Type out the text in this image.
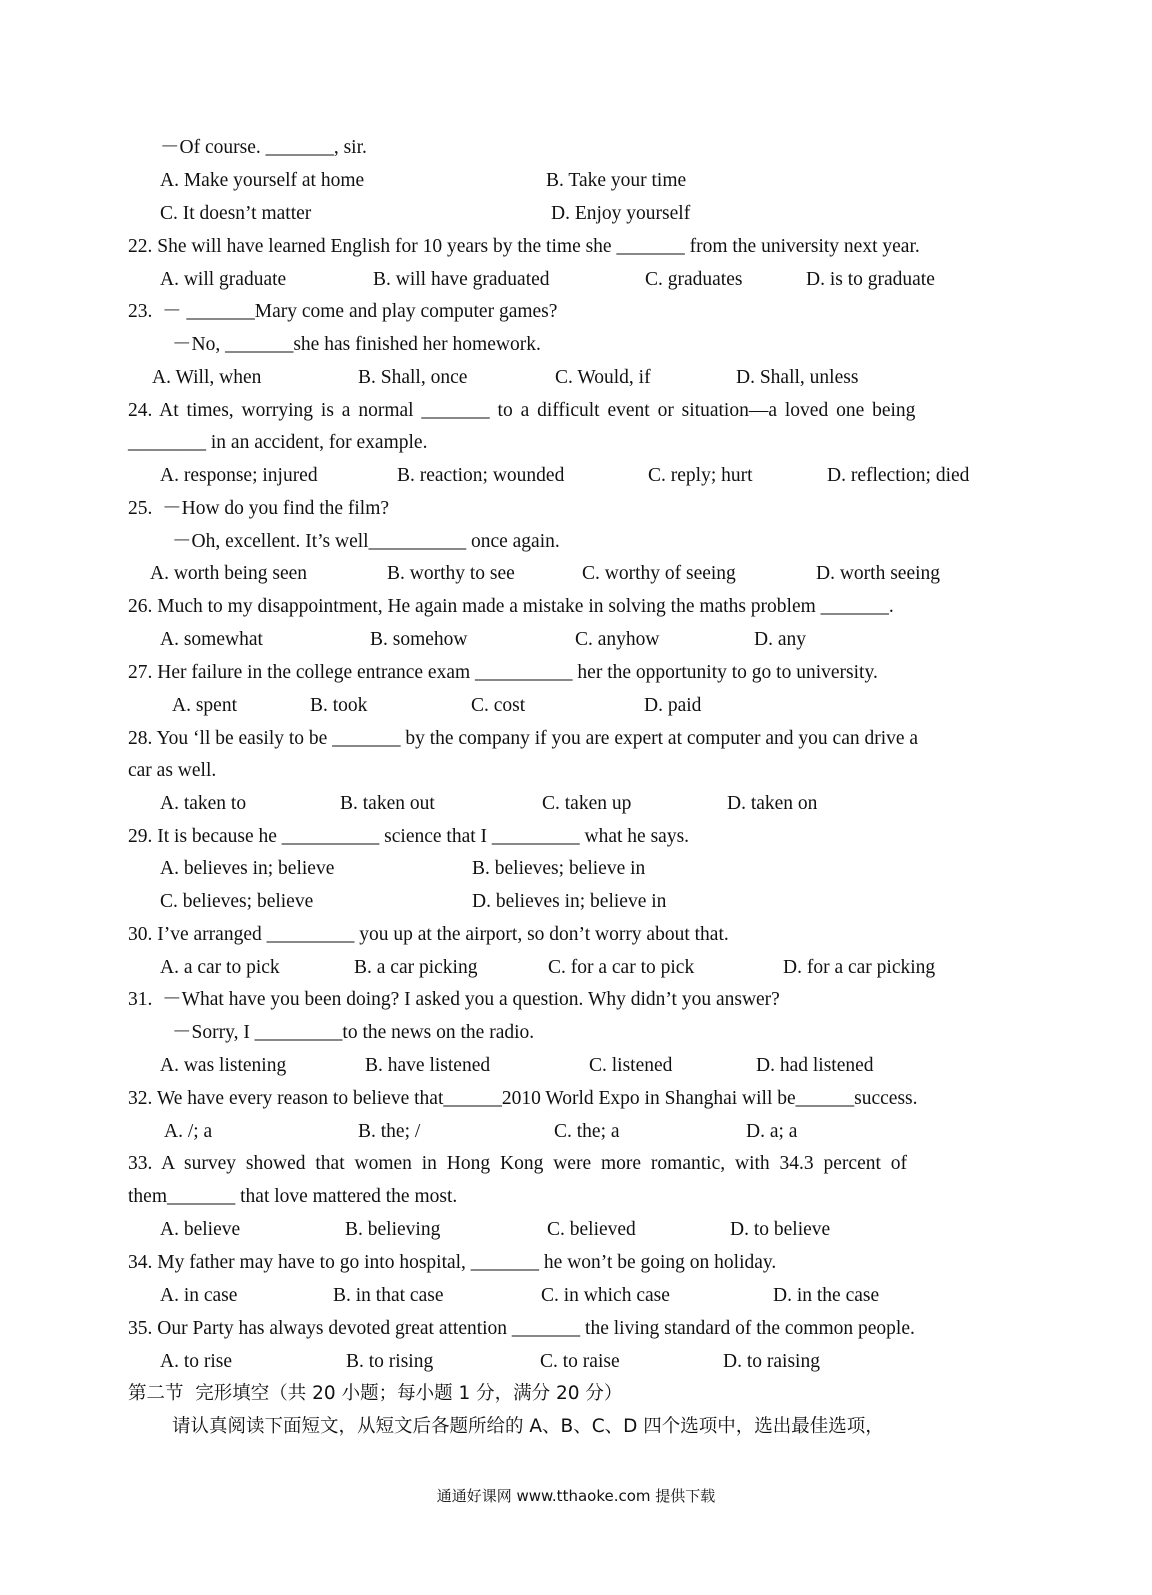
－Of course. _______, sir.
A. Make yourself at home	B. Take your time
C. It doesn’t matter	D. Enjoy yourself
22. She will have learned English for 10 years by the time she _______ from the university next year.
A. will graduate	B. will have graduated	C. graduates	D. is to graduate
23.  － _______Mary come and play computer games?
－No, _______she has finished her homework.
A. Will, when	B. Shall, once	C. Would, if	D. Shall, unless
24. At times, worrying is a normal _______ to a difficult event or situation—a loved one being
________ in an accident, for example.
A. response; injured	B. reaction; wounded	C. reply; hurt	D. reflection; died
25.  －How do you find the film?
－Oh, excellent. It’s well__________ once again.
A. worth being seen	B. worthy to see	C. worthy of seeing	D. worth seeing
26. Much to my disappointment, He again made a mistake in solving the maths problem _______.
A. somewhat	B. somehow	C. anyhow	D. any
27. Her failure in the college entrance exam __________ her the opportunity to go to university.
A. spent	B. took	C. cost	D. paid
28. You ‘ll be easily to be _______ by the company if you are expert at computer and you can drive a
car as well.
A. taken to	B. taken out	C. taken up	D. taken on
29. It is because he __________ science that I _________ what he says.
A. believes in; believe	B. believes; believe in
C. believes; believe	D. believes in; believe in
30. I’ve arranged _________ you up at the airport, so don’t worry about that.
A. a car to pick	B. a car picking	C. for a car to pick	D. for a car picking
31.  －What have you been doing? I asked you a question. Why didn’t you answer?
－Sorry, I _________to the news on the radio.
A. was listening	B. have listened	C. listened	D. had listened
32. We have every reason to believe that______2010 World Expo in Shanghai will be______success.
A. /; a	B. the; /	C. the; a	D. a; a
33. A survey showed that women in Hong Kong were more romantic, with 34.3 percent of
them_______ that love mattered the most.
A. believe	B. believing	C. believed	D. to believe
34. My father may have to go into hospital, _______ he won’t be going on holiday.
A. in case	B. in that case	C. in which case	D. in the case
35. Our Party has always devoted great attention _______ the living standard of the common people.
A. to rise	B. to rising	C. to raise	D. to raising
第二节  完形填空（共 20 小题；每小题 1 分，满分 20 分）
请认真阅读下面短文，从短文后各题所给的 A、B、C、D 四个选项中，选出最佳选项，
通通好课网 www.tthaoke.com 提供下载
